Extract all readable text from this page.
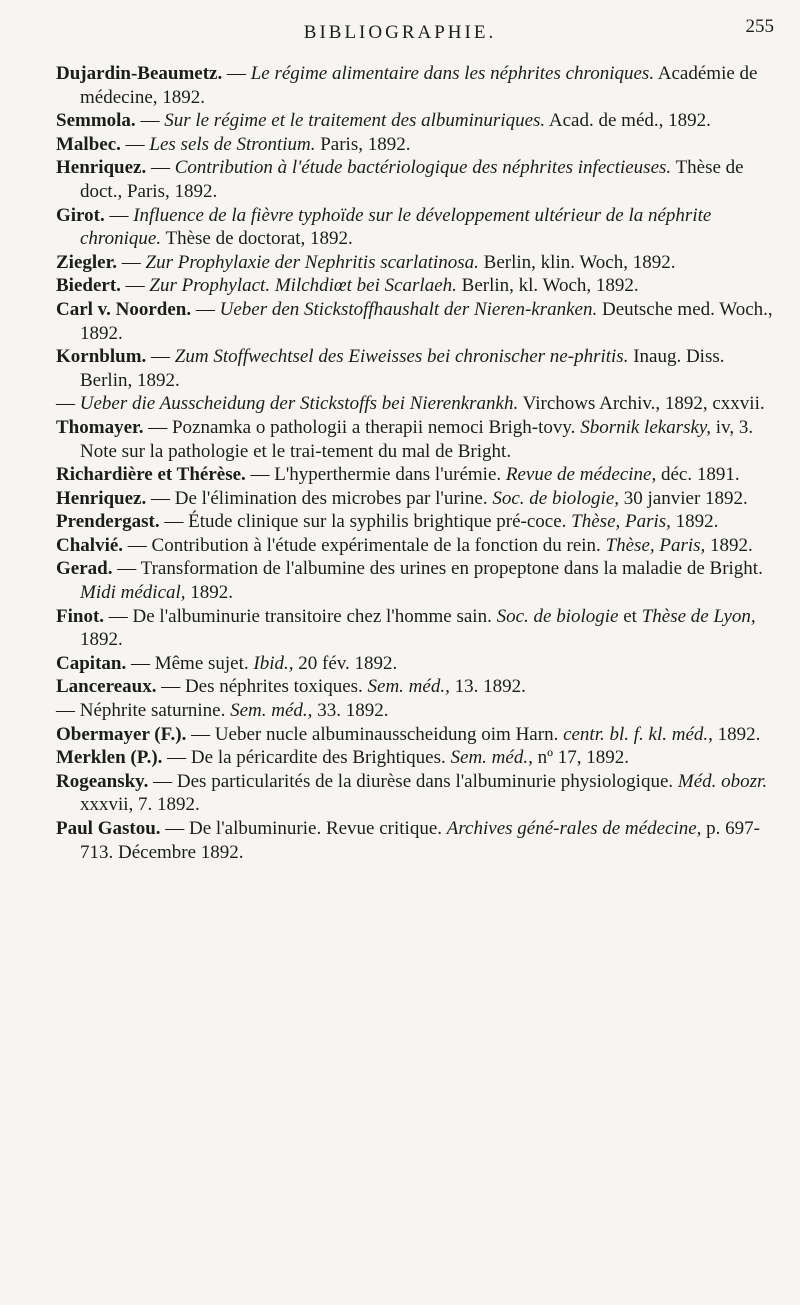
BIBLIOGRAPHIE.	255
Dujardin-Beaumetz. — Le régime alimentaire dans les néphrites chroniques. Académie de médecine, 1892.
Semmola. — Sur le régime et le traitement des albuminuriques. Acad. de méd., 1892.
Malbec. — Les sels de Strontium. Paris, 1892.
Henriquez. — Contribution à l'étude bactériologique des néphrites infectieuses. Thèse de doct., Paris, 1892.
Girot. — Influence de la fièvre typhoïde sur le développement ultérieur de la néphrite chronique. Thèse de doctorat, 1892.
Ziegler. — Zur Prophylaxie der Nephritis scarlatinosa. Berlin, klin. Woch, 1892.
Biedert. — Zur Prophylact. Milchdiœt bei Scarlaeh. Berlin, kl. Woch, 1892.
Carl v. Noorden. — Ueber den Stickstoffhaushalt der Nieren-kranken. Deutsche med. Woch., 1892.
Kornblum. — Zum Stoffwechtsel des Eiweisses bei chronischer ne-phritis. Inaug. Diss. Berlin, 1892.
— Ueber die Ausscheidung der Stickstoffs bei Nierenkrankh. Virchows Archiv., 1892, cxxvii.
Thomayer. — Poznamka o pathologii a therapii nemoci Brigh-tovy. Sbornik lekarsky, iv, 3. Note sur la pathologie et le trai-tement du mal de Bright.
Richardière et Thérèse. — L'hyperthermie dans l'urémie. Revue de médecine, déc. 1891.
Henriquez. — De l'élimination des microbes par l'urine. Soc. de biologie, 30 janvier 1892.
Prendergast. — Étude clinique sur la syphilis brightique pré-coce. Thèse, Paris, 1892.
Chalvié. — Contribution à l'étude expérimentale de la fonction du rein. Thèse, Paris, 1892.
Gerad. — Transformation de l'albumine des urines en propeptone dans la maladie de Bright. Midi médical, 1892.
Finot. — De l'albuminurie transitoire chez l'homme sain. Soc. de biologie et Thèse de Lyon, 1892.
Capitan. — Même sujet. Ibid., 20 fév. 1892.
Lancereaux. — Des néphrites toxiques. Sem. méd., 13. 1892.
— Néphrite saturnine. Sem. méd., 33. 1892.
Obermayer (F.). — Ueber nucle albuminausscheidung oim Harn. centr. bl. f. kl. méd., 1892.
Merklen (P.). — De la péricardite des Brightiques. Sem. méd., nº 17, 1892.
Rogeansky. — Des particularités de la diurèse dans l'albuminurie physiologique. Méd. obozr. xxxvii, 7. 1892.
Paul Gastou. — De l'albuminurie. Revue critique. Archives géné-rales de médecine, p. 697-713. Décembre 1892.
